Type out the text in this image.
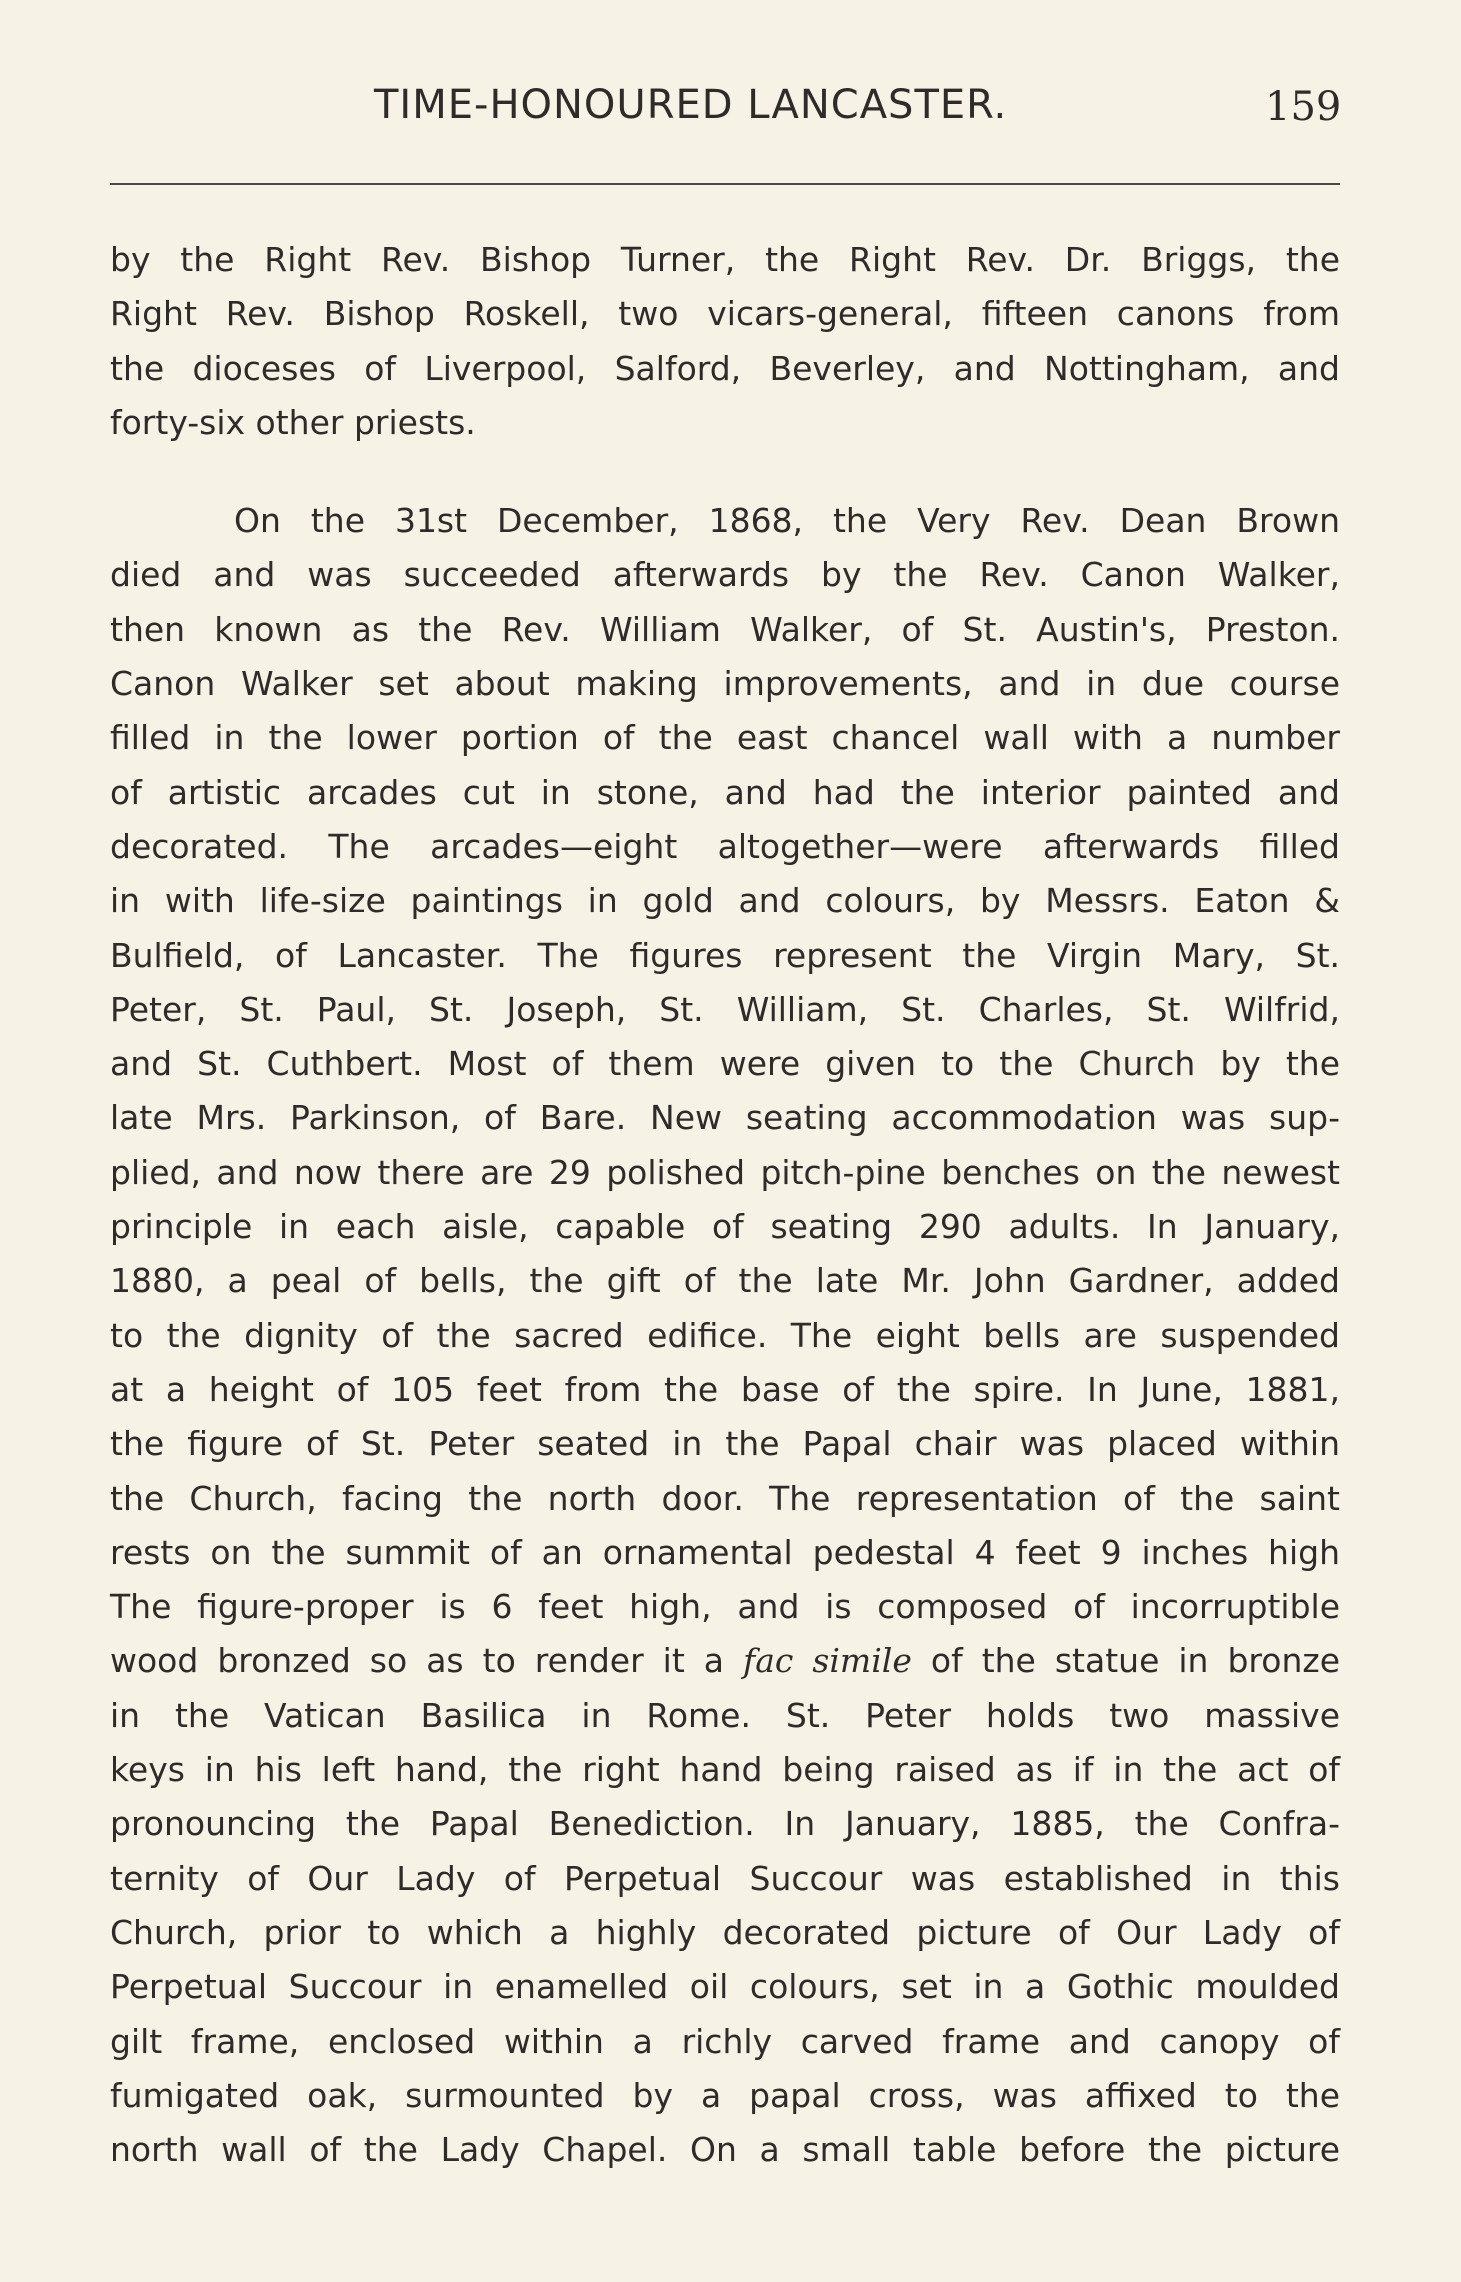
TIME-HONOURED LANCASTER.	159
by the Right Rev. Bishop Turner, the Right Rev. Dr. Briggs, the
Right Rev. Bishop Roskell, two vicars-general, fifteen canons from
the dioceses of Liverpool, Salford, Beverley, and Nottingham, and
forty-six other priests.
On the 31st December, 1868, the Very Rev. Dean Brown
died and was succeeded afterwards by the Rev. Canon Walker,
then known as the Rev. William Walker, of St. Austin's, Preston.
Canon Walker set about making improvements, and in due course
filled in the lower portion of the east chancel wall with a number
of artistic arcades cut in stone, and had the interior painted and
decorated. The arcades—eight altogether—were afterwards filled
in with life-size paintings in gold and colours, by Messrs. Eaton &
Bulfield, of Lancaster. The figures represent the Virgin Mary, St.
Peter, St. Paul, St. Joseph, St. William, St. Charles, St. Wilfrid,
and St. Cuthbert. Most of them were given to the Church by the
late Mrs. Parkinson, of Bare. New seating accommodation was sup-
plied, and now there are 29 polished pitch-pine benches on the newest
principle in each aisle, capable of seating 290 adults. In January,
1880, a peal of bells, the gift of the late Mr. John Gardner, added
to the dignity of the sacred edifice. The eight bells are suspended
at a height of 105 feet from the base of the spire. In June, 1881,
the figure of St. Peter seated in the Papal chair was placed within
the Church, facing the north door. The representation of the saint
rests on the summit of an ornamental pedestal 4 feet 9 inches high
The figure-proper is 6 feet high, and is composed of incorruptible
wood bronzed so as to render it a fac simile of the statue in bronze
in the Vatican Basilica in Rome. St. Peter holds two massive
keys in his left hand, the right hand being raised as if in the act of
pronouncing the Papal Benediction. In January, 1885, the Confra-
ternity of Our Lady of Perpetual Succour was established in this
Church, prior to which a highly decorated picture of Our Lady of
Perpetual Succour in enamelled oil colours, set in a Gothic moulded
gilt frame, enclosed within a richly carved frame and canopy of
fumigated oak, surmounted by a papal cross, was affixed to the
north wall of the Lady Chapel. On a small table before the picture
